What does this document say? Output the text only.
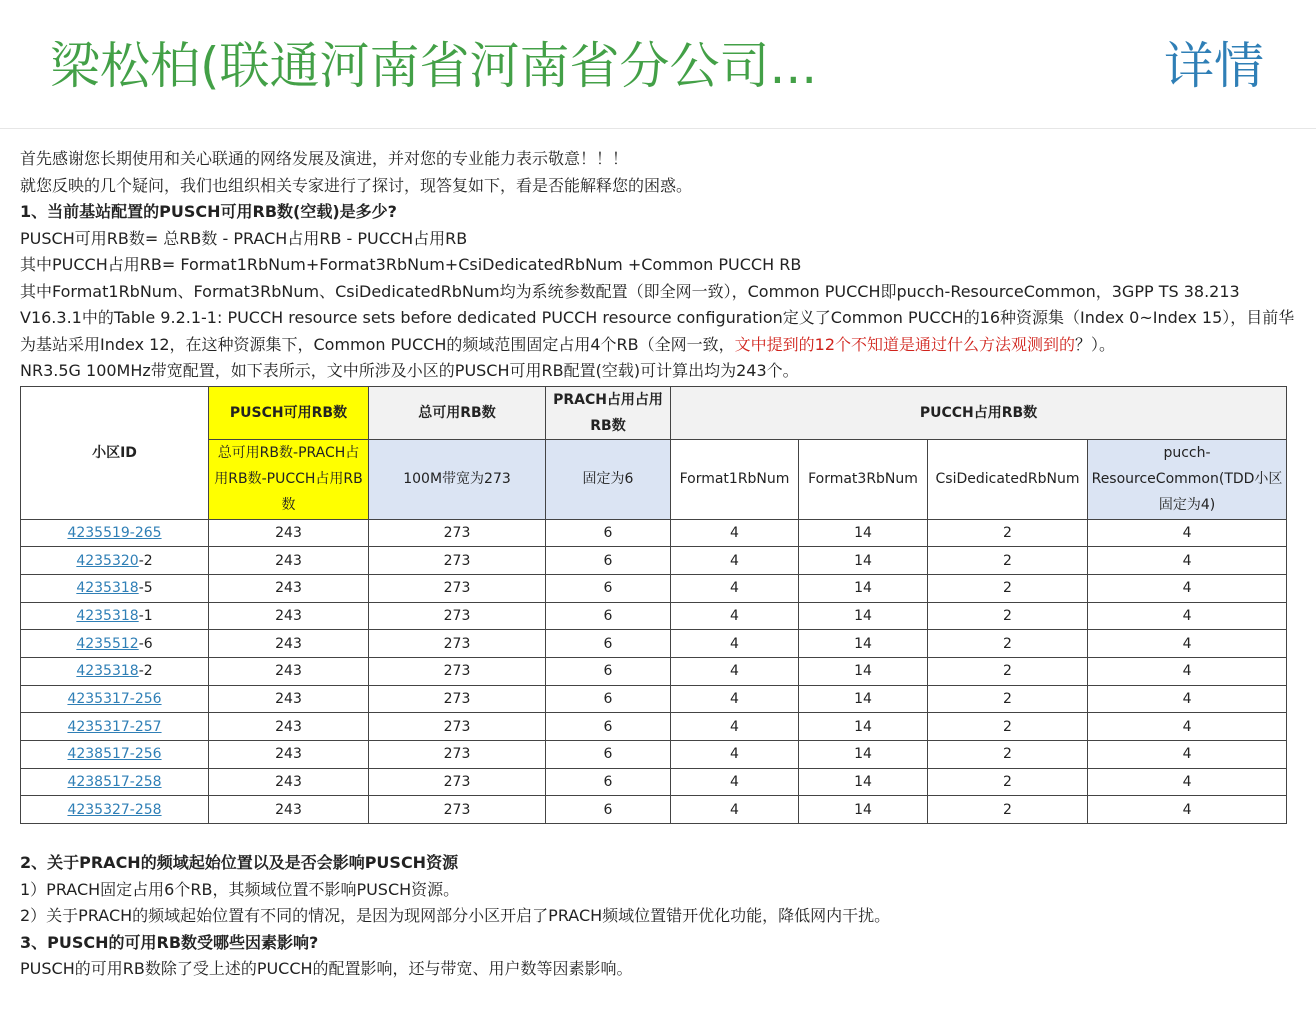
梁松柏(联通河南省河南省分公司...	详情
首先感谢您长期使用和关心联通的网络发展及演进，并对您的专业能力表示敬意！！！
就您反映的几个疑问，我们也组织相关专家进行了探讨，现答复如下，看是否能解释您的困惑。
1、当前基站配置的PUSCH可用RB数(空载)是多少?
PUSCH可用RB数= 总RB数 - PRACH占用RB - PUCCH占用RB
其中PUCCH占用RB= Format1RbNum+Format3RbNum+CsiDedicatedRbNum +Common PUCCH RB
其中Format1RbNum、Format3RbNum、CsiDedicatedRbNum均为系统参数配置（即全网一致），Common PUCCH即pucch-ResourceCommon，3GPP TS 38.213 V16.3.1中的Table 9.2.1-1: PUCCH resource sets before dedicated PUCCH resource configuration定义了Common PUCCH的16种资源集（Index 0~Index 15），目前华为基站采用Index 12，在这种资源集下，Common PUCCH的频域范围固定占用4个RB（全网一致，文中提到的12个不知道是通过什么方法观测到的？）。
NR3.5G 100MHz带宽配置，如下表所示，文中所涉及小区的PUSCH可用RB配置(空载)可计算出均为243个。
小区ID	PUSCH可用RB数	总可用RB数	PRACH占用占用RB数	PUCCH占用RB数			
	总可用RB数-PRACH占用RB数-PUCCH占用RB数	100M带宽为273	固定为6	Format1RbNum	Format3RbNum	CsiDedicatedRbNum	pucch-ResourceCommon(TDD小区固定为4)
4235519-265	243	273	6	4	14	2	4
4235320-2	243	273	6	4	14	2	4
4235318-5	243	273	6	4	14	2	4
4235318-1	243	273	6	4	14	2	4
4235512-6	243	273	6	4	14	2	4
4235318-2	243	273	6	4	14	2	4
4235317-256	243	273	6	4	14	2	4
4235317-257	243	273	6	4	14	2	4
4238517-256	243	273	6	4	14	2	4
4238517-258	243	273	6	4	14	2	4
4235327-258	243	273	6	4	14	2	4
2、关于PRACH的频域起始位置以及是否会影响PUSCH资源
1）PRACH固定占用6个RB，其频域位置不影响PUSCH资源。
2）关于PRACH的频域起始位置有不同的情况，是因为现网部分小区开启了PRACH频域位置错开优化功能，降低网内干扰。
3、PUSCH的可用RB数受哪些因素影响?
PUSCH的可用RB数除了受上述的PUCCH的配置影响，还与带宽、用户数等因素影响。
